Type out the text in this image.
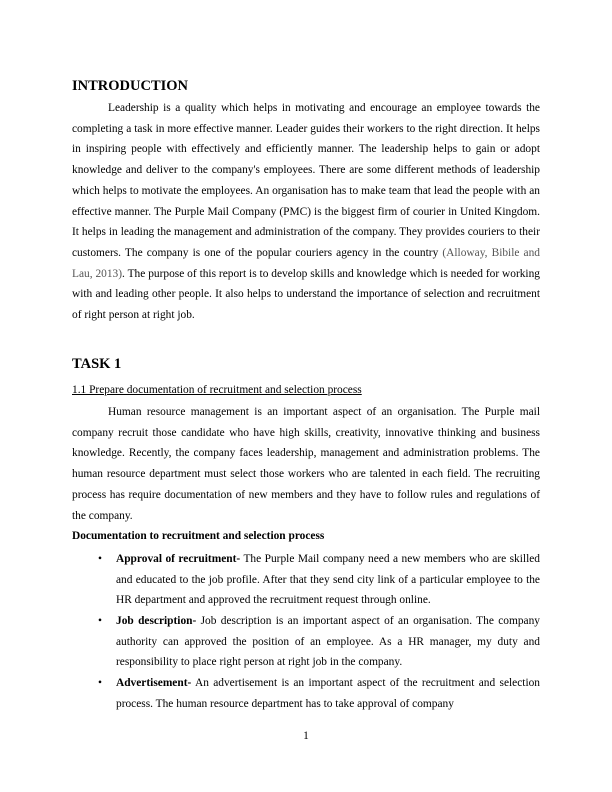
INTRODUCTION

Leadership is a quality which helps in motivating and encourage an employee towards the completing a task in more effective manner. Leader guides their workers to the right direction. It helps in inspiring people with effectively and efficiently manner. The leadership helps to gain or adopt knowledge and deliver to the company's employees. There are some different methods of leadership which helps to motivate the employees. An organisation has to make team that lead the people with an effective manner. The Purple Mail Company (PMC) is the biggest firm of courier in United Kingdom. It helps in leading the management and administration of the company. They provides couriers to their customers. The company is one of the popular couriers agency in the country (Alloway, Bibile and Lau, 2013). The purpose of this report is to develop skills and knowledge which is needed for working with and leading other people. It also helps to understand the importance of selection and recruitment of right person at right job.

TASK 1

1.1 Prepare documentation of recruitment and selection process

Human resource management is an important aspect of an organisation. The Purple mail company recruit those candidate who have high skills, creativity, innovative thinking and business knowledge. Recently, the company faces leadership, management and administration problems. The human resource department must select those workers who are talented in each field. The recruiting process has require documentation of new members and they have to follow rules and regulations of the company.

Documentation to recruitment and selection process

• Approval of recruitment- The Purple Mail company need a new members who are skilled and educated to the job profile. After that they send city link of a particular employee to the HR department and approved the recruitment request through online.

• Job description- Job description is an important aspect of an organisation. The company authority can approved the position of an employee. As a HR manager, my duty and responsibility to place right person at right job in the company.

• Advertisement- An advertisement is an important aspect of the recruitment and selection process. The human resource department has to take approval of company

1
